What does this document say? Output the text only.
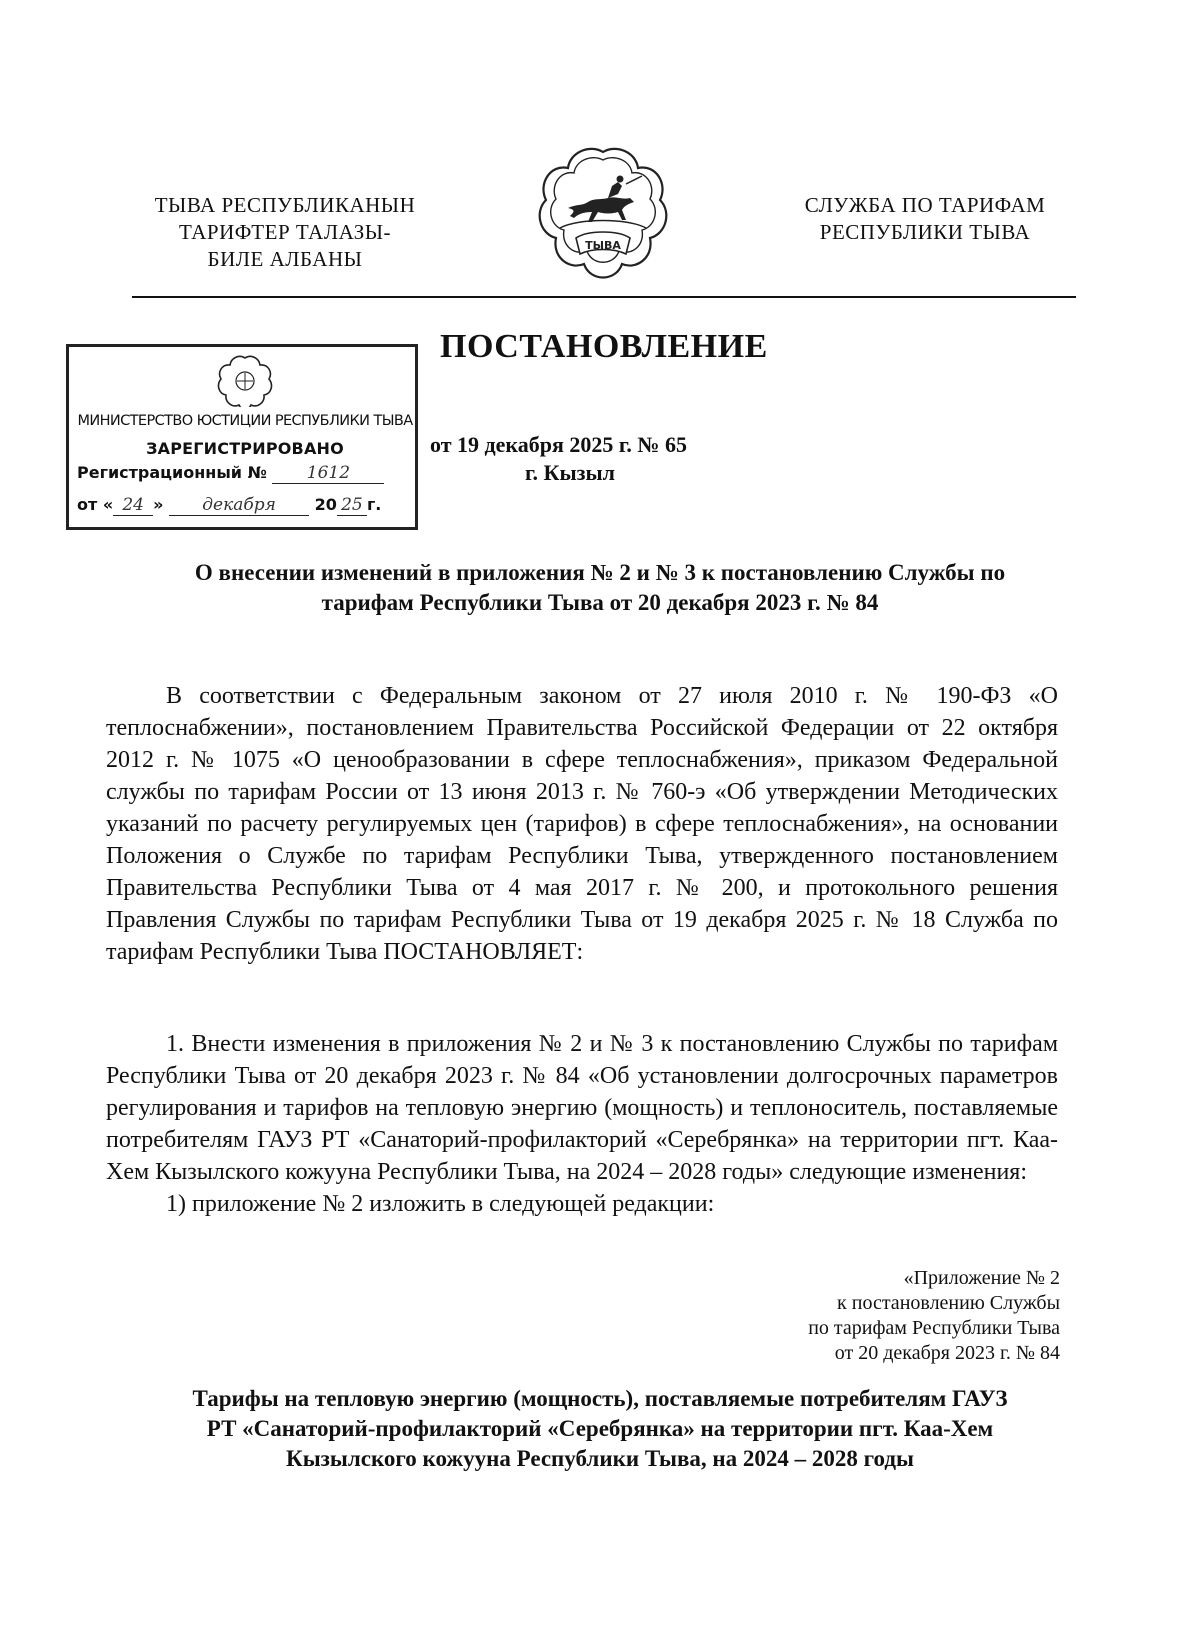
ТЫВА РЕСПУБЛИКАНЫН
ТАРИФТЕР ТАЛАЗЫ-
БИЛЕ АЛБАНЫ
ТЫВА
СЛУЖБА ПО ТАРИФАМ
РЕСПУБЛИКИ ТЫВА
ПОСТАНОВЛЕНИЕ
МИНИСТЕРСТВО ЮСТИЦИИ РЕСПУБЛИКИ ТЫВА
ЗАРЕГИСТРИРОВАНО
Регистрационный № 1612
от « 24 » декабря 20 25 г.
от 19 декабря 2025 г. № 65
г. Кызыл
О внесении изменений в приложения № 2 и № 3 к постановлению Службы по
тарифам Республики Тыва от 20 декабря 2023 г. № 84
В соответствии с Федеральным законом от 27 июля 2010 г. № 190-ФЗ «О теплоснабжении», постановлением Правительства Российской Федерации от 22 октября 2012 г. № 1075 «О ценообразовании в сфере теплоснабжения», приказом Федеральной службы по тарифам России от 13 июня 2013 г. № 760-э «Об утверждении Методических указаний по расчету регулируемых цен (тарифов) в сфере теплоснабжения», на основании Положения о Службе по тарифам Республики Тыва, утвержденного постановлением Правительства Республики Тыва от 4 мая 2017 г. № 200, и протокольного решения Правления Службы по тарифам Республики Тыва от 19 декабря 2025 г. № 18 Служба по тарифам Республики Тыва ПОСТАНОВЛЯЕТ:
1. Внести изменения в приложения № 2 и № 3 к постановлению Службы по тарифам Республики Тыва от 20 декабря 2023 г. № 84 «Об установлении долгосрочных параметров регулирования и тарифов на тепловую энергию (мощность) и теплоноситель, поставляемые потребителям ГАУЗ РТ «Санаторий-профилакторий «Серебрянка» на территории пгт. Каа-Хем Кызылского кожууна Республики Тыва, на 2024 – 2028 годы» следующие изменения:
1) приложение № 2 изложить в следующей редакции:
«Приложение № 2
к постановлению Службы
по тарифам Республики Тыва
от 20 декабря 2023 г. № 84
Тарифы на тепловую энергию (мощность), поставляемые потребителям ГАУЗ
РТ «Санаторий-профилакторий «Серебрянка» на территории пгт. Каа-Хем
Кызылского кожууна Республики Тыва, на 2024 – 2028 годы
